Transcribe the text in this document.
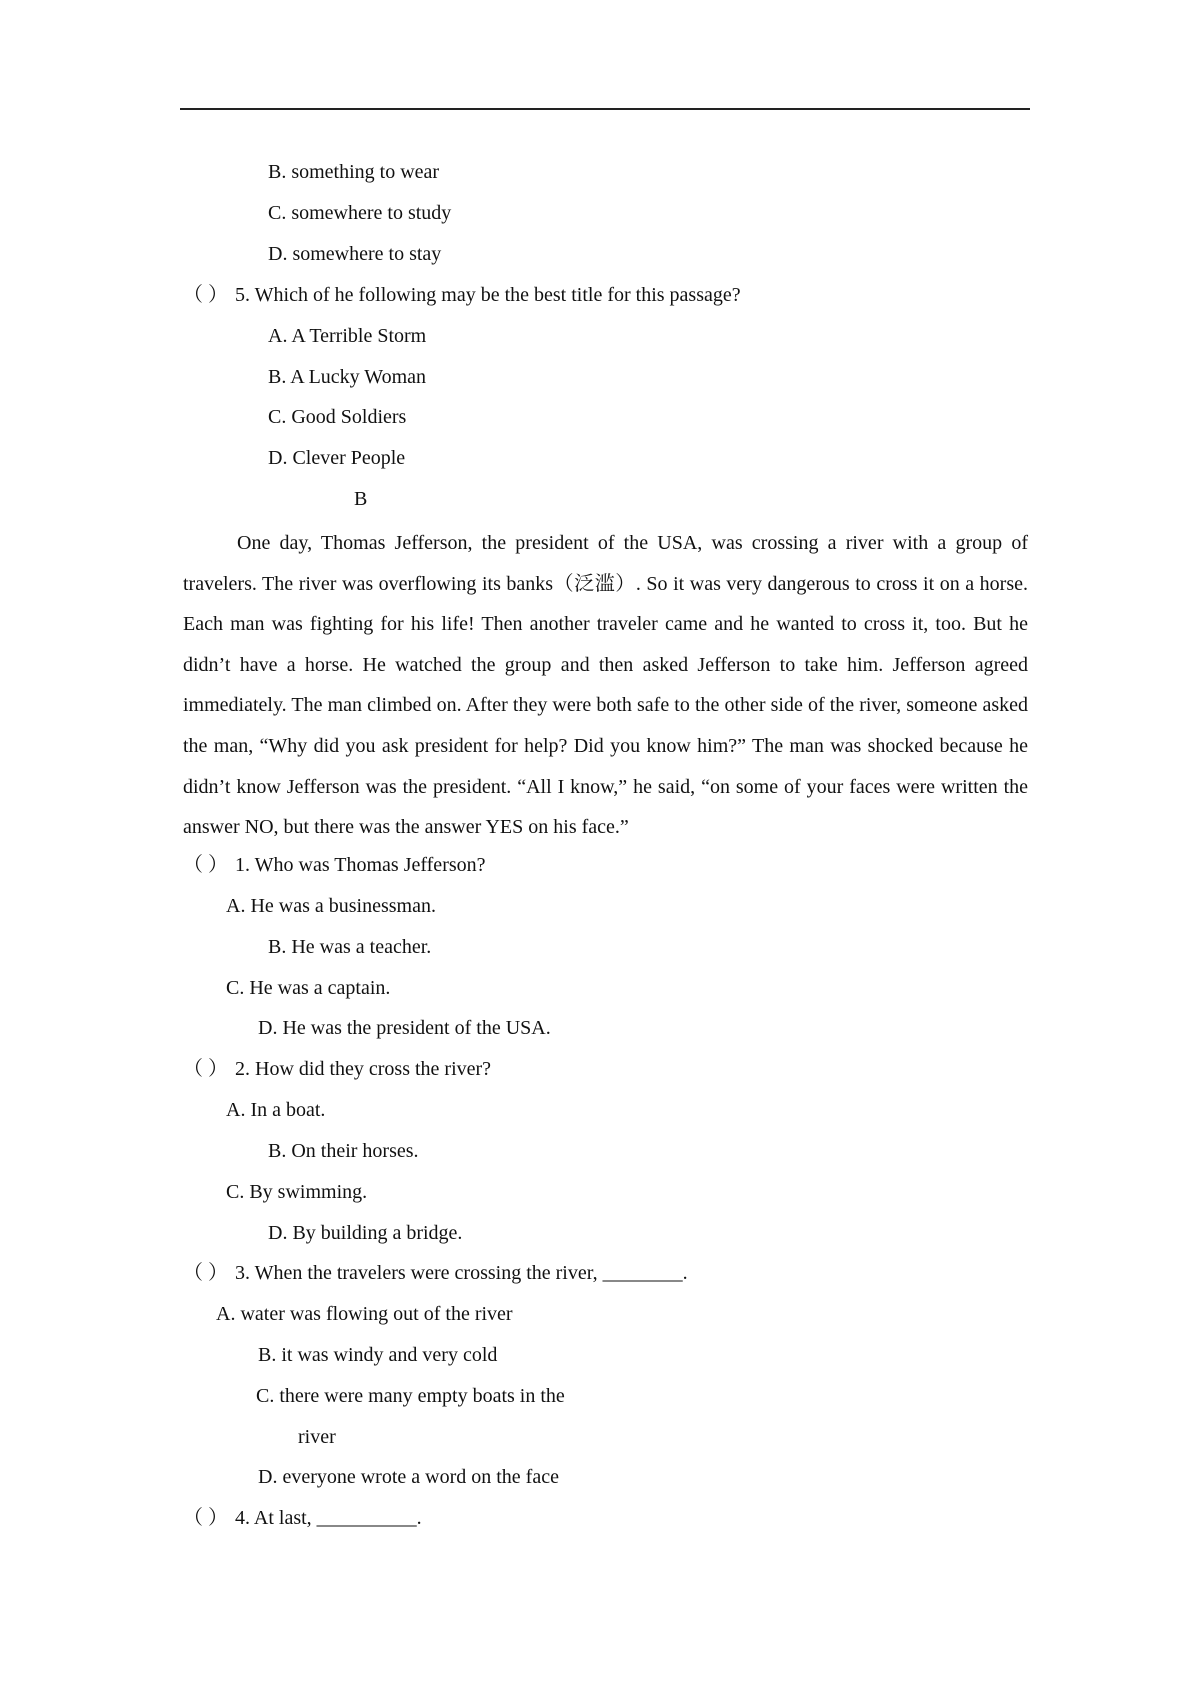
B. something to wear
C. somewhere to study
D. somewhere to stay
（ ） 5. Which of he following may be the best title for this passage?
A. A Terrible Storm
B. A Lucky Woman
C. Good Soldiers
D. Clever People
B
One day, Thomas Jefferson, the president of the USA, was crossing a river with a group of travelers. The river was overflowing its banks（泛滥）. So it was very dangerous to cross it on a horse. Each man was fighting for his life! Then another traveler came and he wanted to cross it, too. But he didn’t have a horse. He watched the group and then asked Jefferson to take him. Jefferson agreed immediately. The man climbed on. After they were both safe to the other side of the river, someone asked the man, “Why did you ask president for help? Did you know him?” The man was shocked because he didn’t know Jefferson was the president. “All I know,” he said, “on some of your faces were written the answer NO, but there was the answer YES on his face.”
（ ） 1. Who was Thomas Jefferson?
A. He was a businessman.
B. He was a teacher.
C. He was a captain.
D. He was the president of the USA.
（ ） 2. How did they cross the river?
A. In a boat.
B. On their horses.
C. By swimming.
D. By building a bridge.
（ ） 3. When the travelers were crossing the river, ________.
A. water was flowing out of the river
B. it was windy and very cold
C. there were many empty boats in the
river
D. everyone wrote a word on the face
（ ） 4. At last, __________.
